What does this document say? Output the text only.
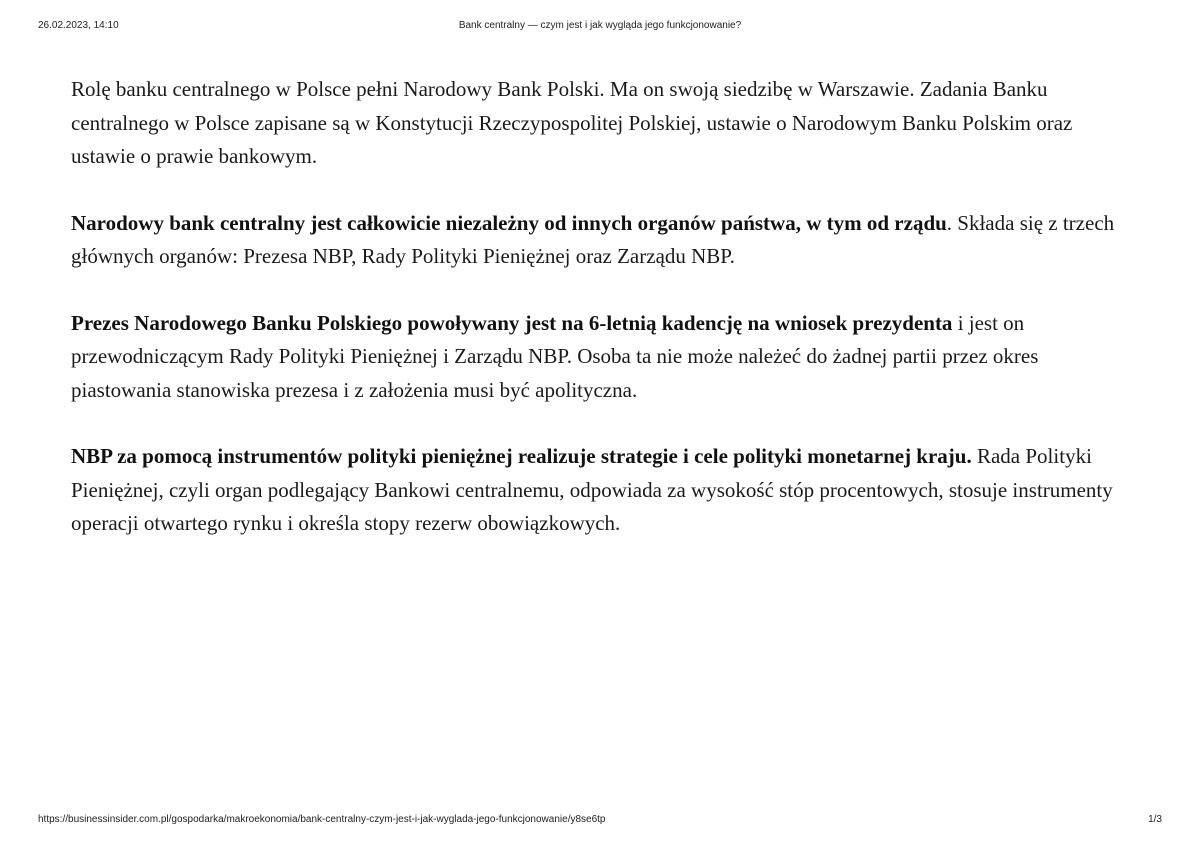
26.02.2023, 14:10	Bank centralny — czym jest i jak wygląda jego funkcjonowanie?

Rolę banku centralnego w Polsce pełni Narodowy Bank Polski. Ma on swoją siedzibę w Warszawie. Zadania Banku centralnego w Polsce zapisane są w Konstytucji Rzeczypospolitej Polskiej, ustawie o Narodowym Banku Polskim oraz ustawie o prawie bankowym.

Narodowy bank centralny jest całkowicie niezależny od innych organów państwa, w tym od rządu. Składa się z trzech głównych organów: Prezesa NBP, Rady Polityki Pieniężnej oraz Zarządu NBP.

Prezes Narodowego Banku Polskiego powoływany jest na 6-letnią kadencję na wniosek prezydenta i jest on przewodniczącym Rady Polityki Pieniężnej i Zarządu NBP. Osoba ta nie może należeć do żadnej partii przez okres piastowania stanowiska prezesa i z założenia musi być apolityczna.

NBP za pomocą instrumentów polityki pieniężnej realizuje strategie i cele polityki monetarnej kraju. Rada Polityki Pieniężnej, czyli organ podlegający Bankowi centralnemu, odpowiada za wysokość stóp procentowych, stosuje instrumenty operacji otwartego rynku i określa stopy rezerw obowiązkowych.

https://businessinsider.com.pl/gospodarka/makroekonomia/bank-centralny-czym-jest-i-jak-wyglada-jego-funkcjonowanie/y8se6tp	1/3
